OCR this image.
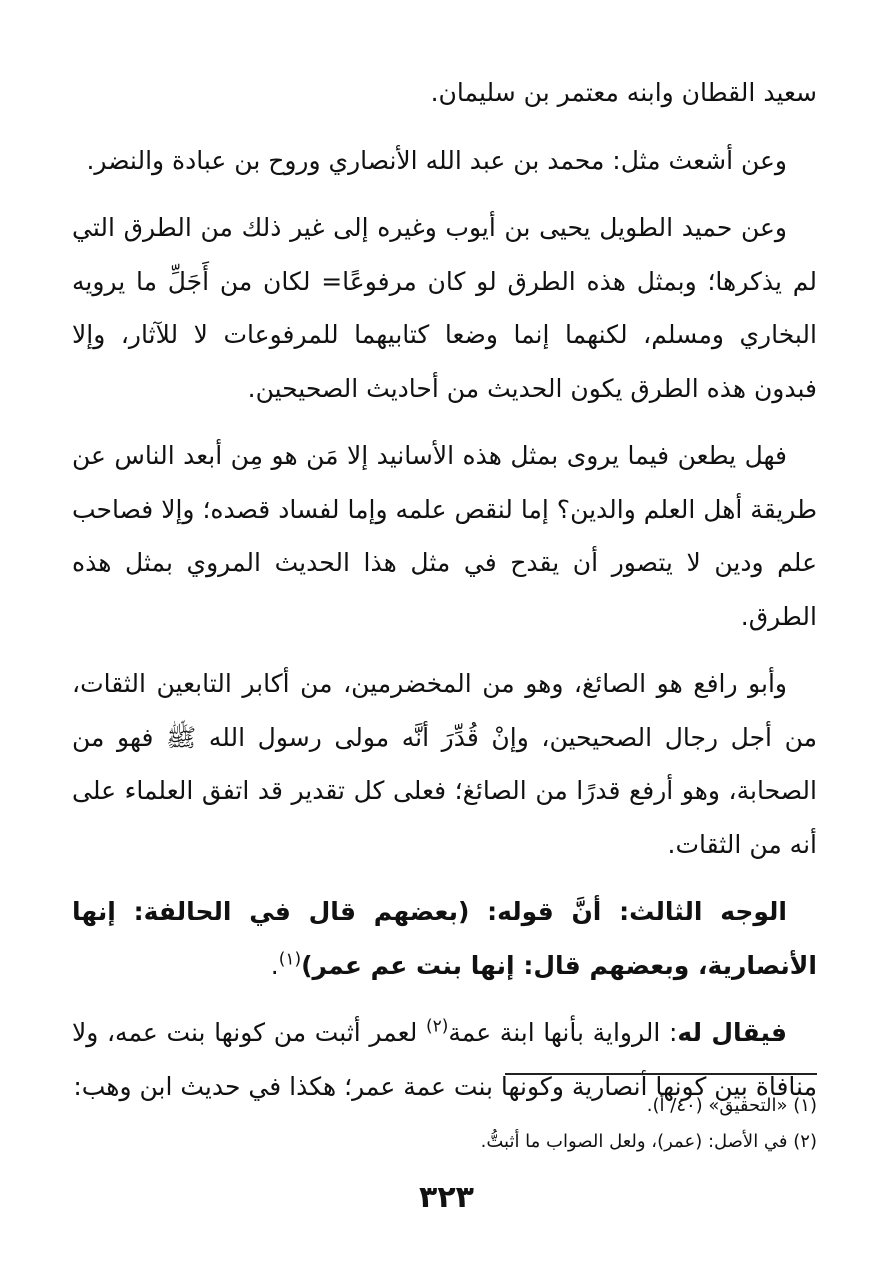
سعيد القطان وابنه معتمر بن سليمان.

وعن أشعث مثل: محمد بن عبد الله الأنصاري وروح بن عبادة والنضر.

وعن حميد الطويل يحيى بن أيوب وغيره إلى غير ذلك من الطرق التي لم يذكرها؛ وبمثل هذه الطرق لو كان مرفوعًا= لكان من أَجَلِّ ما يرويه البخاري ومسلم، لكنهما إنما وضعا كتابيهما للمرفوعات لا للآثار، وإلا فبدون هذه الطرق يكون الحديث من أحاديث الصحيحين.

فهل يطعن فيما يروى بمثل هذه الأسانيد إلا مَن هو مِن أبعد الناس عن طريقة أهل العلم والدين؟ إما لنقص علمه وإما لفساد قصده؛ وإلا فصاحب علم ودين لا يتصور أن يقدح في مثل هذا الحديث المروي بمثل هذه الطرق.

وأبو رافع هو الصائغ، وهو من المخضرمين، من أكابر التابعين الثقات، من أجل رجال الصحيحين، وإنْ قُدِّرَ أنَّه مولى رسول الله ﷺ فهو من الصحابة، وهو أرفع قدرًا من الصائغ؛ فعلى كل تقدير قد اتفق العلماء على أنه من الثقات.

الوجه الثالث: أنَّ قوله: (بعضهم قال في الحالفة: إنها الأنصارية، وبعضهم قال: إنها بنت عم عمر)$^{(١)}$.

فيقال له: الرواية بأنها ابنة عمة$^{(٢)}$ لعمر أثبت من كونها بنت عمه، ولا منافاة بين كونها أنصارية وكونها بنت عمة عمر؛ هكذا في حديث ابن وهب:

(١) «التحقيق» (٤٠/ أ).

(٢) في الأصل: (عمر)، ولعل الصواب ما أثبتُّ.

٣٢٣
